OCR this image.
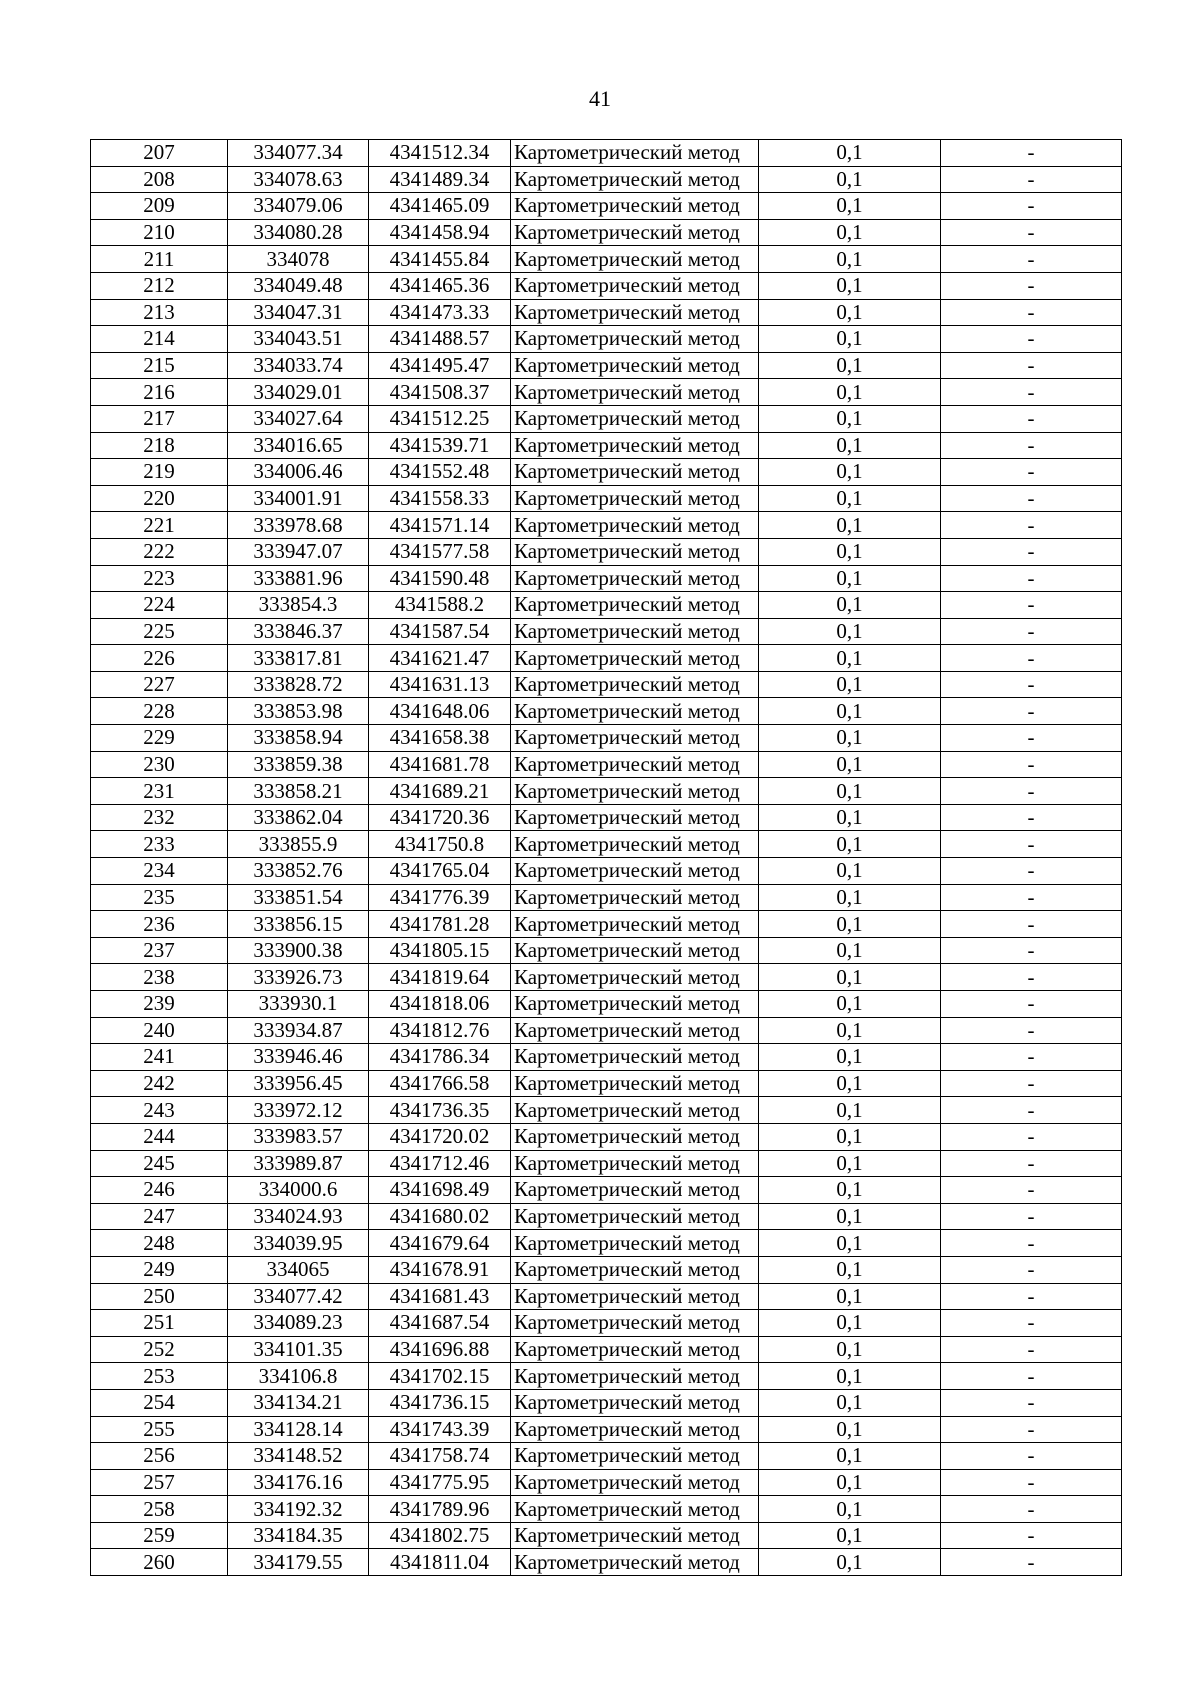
41
207	334077.34	4341512.34	Картометрический метод	0,1	-
208	334078.63	4341489.34	Картометрический метод	0,1	-
209	334079.06	4341465.09	Картометрический метод	0,1	-
210	334080.28	4341458.94	Картометрический метод	0,1	-
211	334078	4341455.84	Картометрический метод	0,1	-
212	334049.48	4341465.36	Картометрический метод	0,1	-
213	334047.31	4341473.33	Картометрический метод	0,1	-
214	334043.51	4341488.57	Картометрический метод	0,1	-
215	334033.74	4341495.47	Картометрический метод	0,1	-
216	334029.01	4341508.37	Картометрический метод	0,1	-
217	334027.64	4341512.25	Картометрический метод	0,1	-
218	334016.65	4341539.71	Картометрический метод	0,1	-
219	334006.46	4341552.48	Картометрический метод	0,1	-
220	334001.91	4341558.33	Картометрический метод	0,1	-
221	333978.68	4341571.14	Картометрический метод	0,1	-
222	333947.07	4341577.58	Картометрический метод	0,1	-
223	333881.96	4341590.48	Картометрический метод	0,1	-
224	333854.3	4341588.2	Картометрический метод	0,1	-
225	333846.37	4341587.54	Картометрический метод	0,1	-
226	333817.81	4341621.47	Картометрический метод	0,1	-
227	333828.72	4341631.13	Картометрический метод	0,1	-
228	333853.98	4341648.06	Картометрический метод	0,1	-
229	333858.94	4341658.38	Картометрический метод	0,1	-
230	333859.38	4341681.78	Картометрический метод	0,1	-
231	333858.21	4341689.21	Картометрический метод	0,1	-
232	333862.04	4341720.36	Картометрический метод	0,1	-
233	333855.9	4341750.8	Картометрический метод	0,1	-
234	333852.76	4341765.04	Картометрический метод	0,1	-
235	333851.54	4341776.39	Картометрический метод	0,1	-
236	333856.15	4341781.28	Картометрический метод	0,1	-
237	333900.38	4341805.15	Картометрический метод	0,1	-
238	333926.73	4341819.64	Картометрический метод	0,1	-
239	333930.1	4341818.06	Картометрический метод	0,1	-
240	333934.87	4341812.76	Картометрический метод	0,1	-
241	333946.46	4341786.34	Картометрический метод	0,1	-
242	333956.45	4341766.58	Картометрический метод	0,1	-
243	333972.12	4341736.35	Картометрический метод	0,1	-
244	333983.57	4341720.02	Картометрический метод	0,1	-
245	333989.87	4341712.46	Картометрический метод	0,1	-
246	334000.6	4341698.49	Картометрический метод	0,1	-
247	334024.93	4341680.02	Картометрический метод	0,1	-
248	334039.95	4341679.64	Картометрический метод	0,1	-
249	334065	4341678.91	Картометрический метод	0,1	-
250	334077.42	4341681.43	Картометрический метод	0,1	-
251	334089.23	4341687.54	Картометрический метод	0,1	-
252	334101.35	4341696.88	Картометрический метод	0,1	-
253	334106.8	4341702.15	Картометрический метод	0,1	-
254	334134.21	4341736.15	Картометрический метод	0,1	-
255	334128.14	4341743.39	Картометрический метод	0,1	-
256	334148.52	4341758.74	Картометрический метод	0,1	-
257	334176.16	4341775.95	Картометрический метод	0,1	-
258	334192.32	4341789.96	Картометрический метод	0,1	-
259	334184.35	4341802.75	Картометрический метод	0,1	-
260	334179.55	4341811.04	Картометрический метод	0,1	-
